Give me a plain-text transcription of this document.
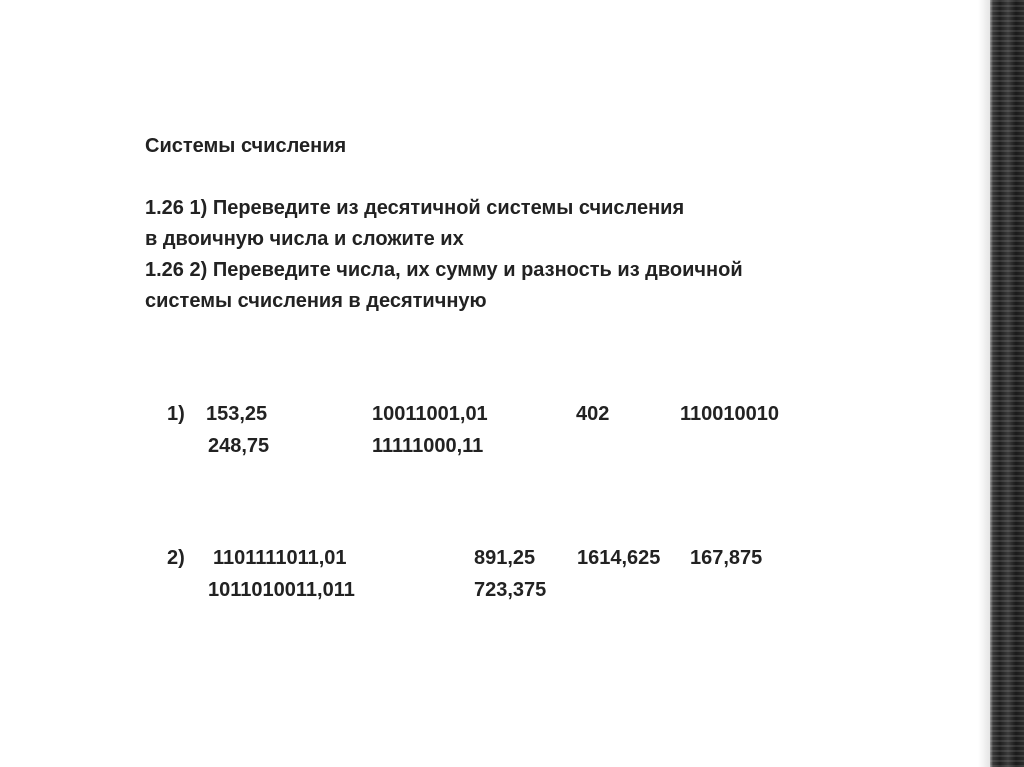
Системы счисления
1.26 1) Переведите из десятичной системы счисления
в двоичную числа и сложите их
1.26 2) Переведите числа, их сумму и разность из двоичной
системы счисления в десятичную
1) 153,25	10011001,01	402	110010010
248,75	11111000,11
2) 1101111011,01	891,25 1614,625 167,875
1011010011,011	723,375
